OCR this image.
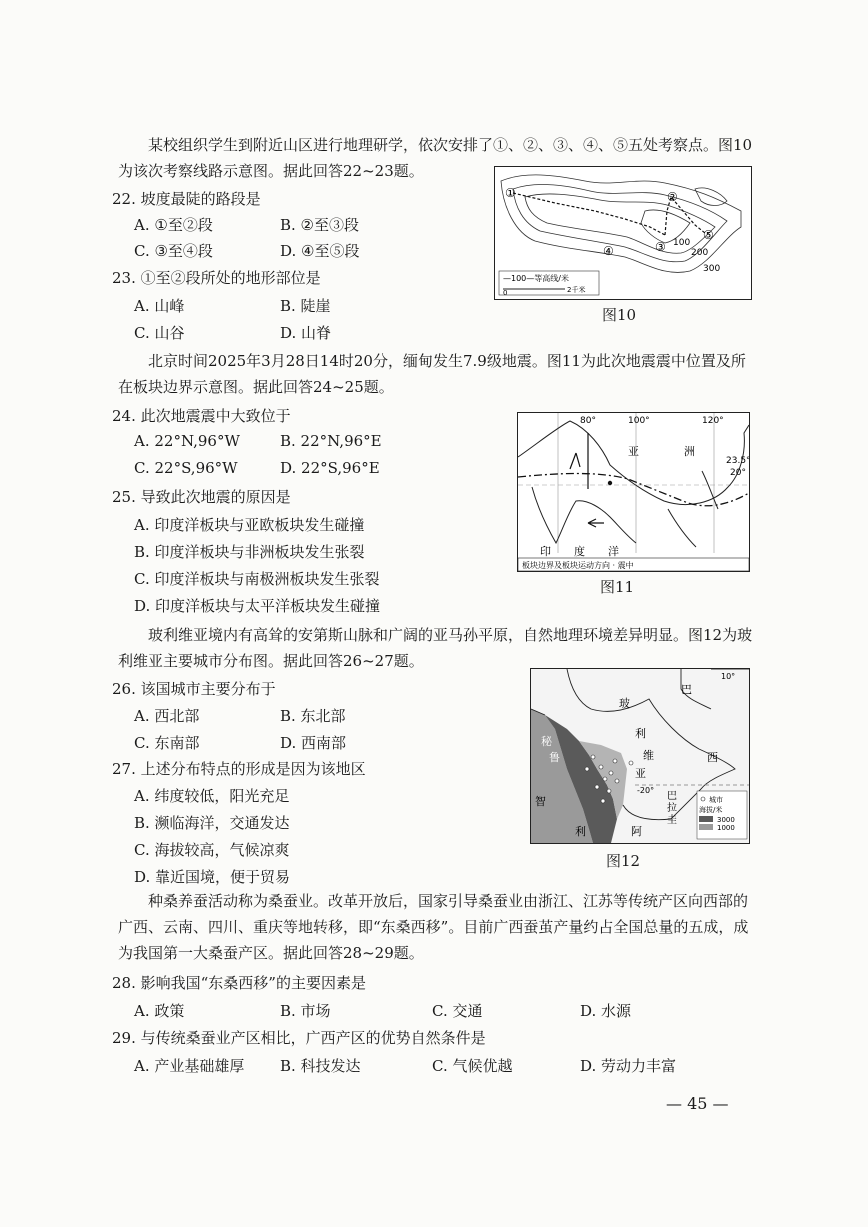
某校组织学生到附近山区进行地理研学，依次安排了①、②、③、④、⑤五处考察点。图10为该次考察线路示意图。据此回答22~23题。
22. 坡度最陡的路段是
A. ①至②段	B. ②至③段
C. ③至④段	D. ④至⑤段
23. ①至②段所处的地形部位是
A. 山峰	B. 陡崖
C. 山谷	D. 山脊
①	②
③
④
⑤
100
200
300
—100—等高线/米
0	2千米
图10
北京时间2025年3月28日14时20分，缅甸发生7.9级地震。图11为此次地震震中位置及所在板块边界示意图。据此回答24~25题。
24. 此次地震震中大致位于
A. 22°N,96°W	B. 22°N,96°E
C. 22°S,96°W	D. 22°S,96°E
25. 导致此次地震的原因是
A. 印度洋板块与亚欧板块发生碰撞
B. 印度洋板块与非洲板块发生张裂
C. 印度洋板块与南极洲板块发生张裂
D. 印度洋板块与太平洋板块发生碰撞
80°	100°	120°
23.5°
20°
亚	洲
印 度 洋
板块边界及板块运动方向 · 震中
图11
玻利维亚境内有高耸的安第斯山脉和广阔的亚马孙平原，自然地理环境差异明显。图12为玻利维亚主要城市分布图。据此回答26~27题。
26. 该国城市主要分布于
A. 西北部	B. 东北部
C. 东南部	D. 西南部
27. 上述分布特点的形成是因为该地区
A. 纬度较低，阳光充足
B. 濒临海洋，交通发达
C. 海拔较高，气候凉爽
D. 靠近国境，便于贸易
10°
-20°
巴
西
秘
鲁
玻
利
维
亚
巴
拉
圭
智
利	阿
城市
海拔/米
3000
1000
图12
种桑养蚕活动称为桑蚕业。改革开放后，国家引导桑蚕业由浙江、江苏等传统产区向西部的广西、云南、四川、重庆等地转移，即“东桑西移”。目前广西蚕茧产量约占全国总量的五成，成为我国第一大桑蚕产区。据此回答28~29题。
28. 影响我国“东桑西移”的主要因素是
A. 政策	B. 市场	C. 交通	D. 水源
29. 与传统桑蚕业产区相比，广西产区的优势自然条件是
A. 产业基础雄厚 B. 科技发达	C. 气候优越	D. 劳动力丰富
— 45 —
